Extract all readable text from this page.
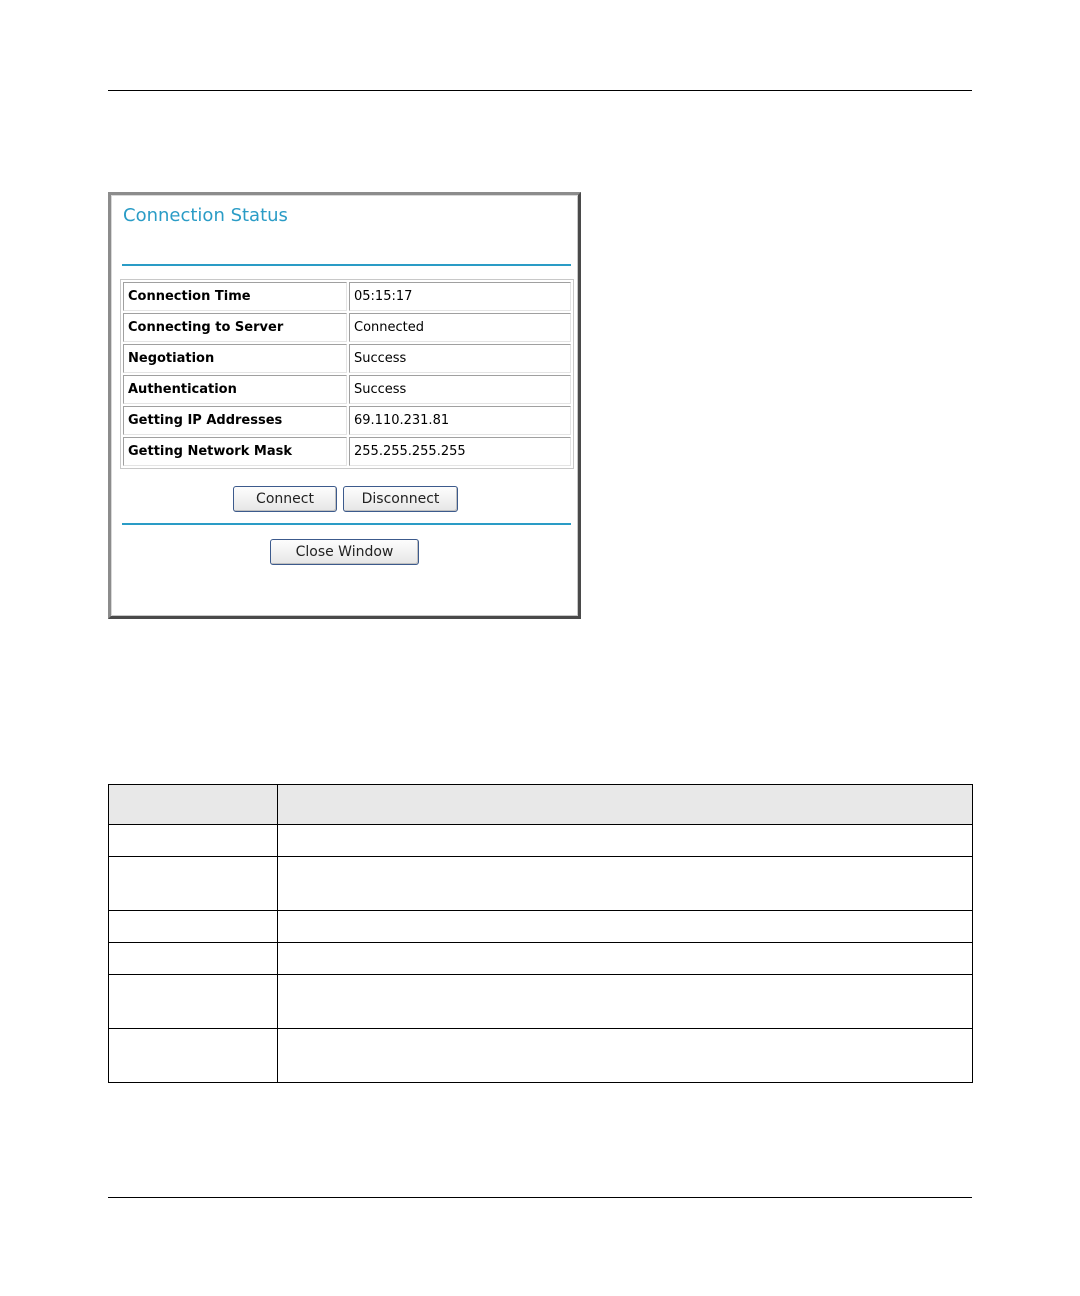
Connection Status
Connection Time	05:15:17
Connecting to Server	Connected
Negotiation	Success
Authentication	Success
Getting IP Addresses	69.110.231.81
Getting Network Mask	255.255.255.255
Connect	Disconnect
Close Window
